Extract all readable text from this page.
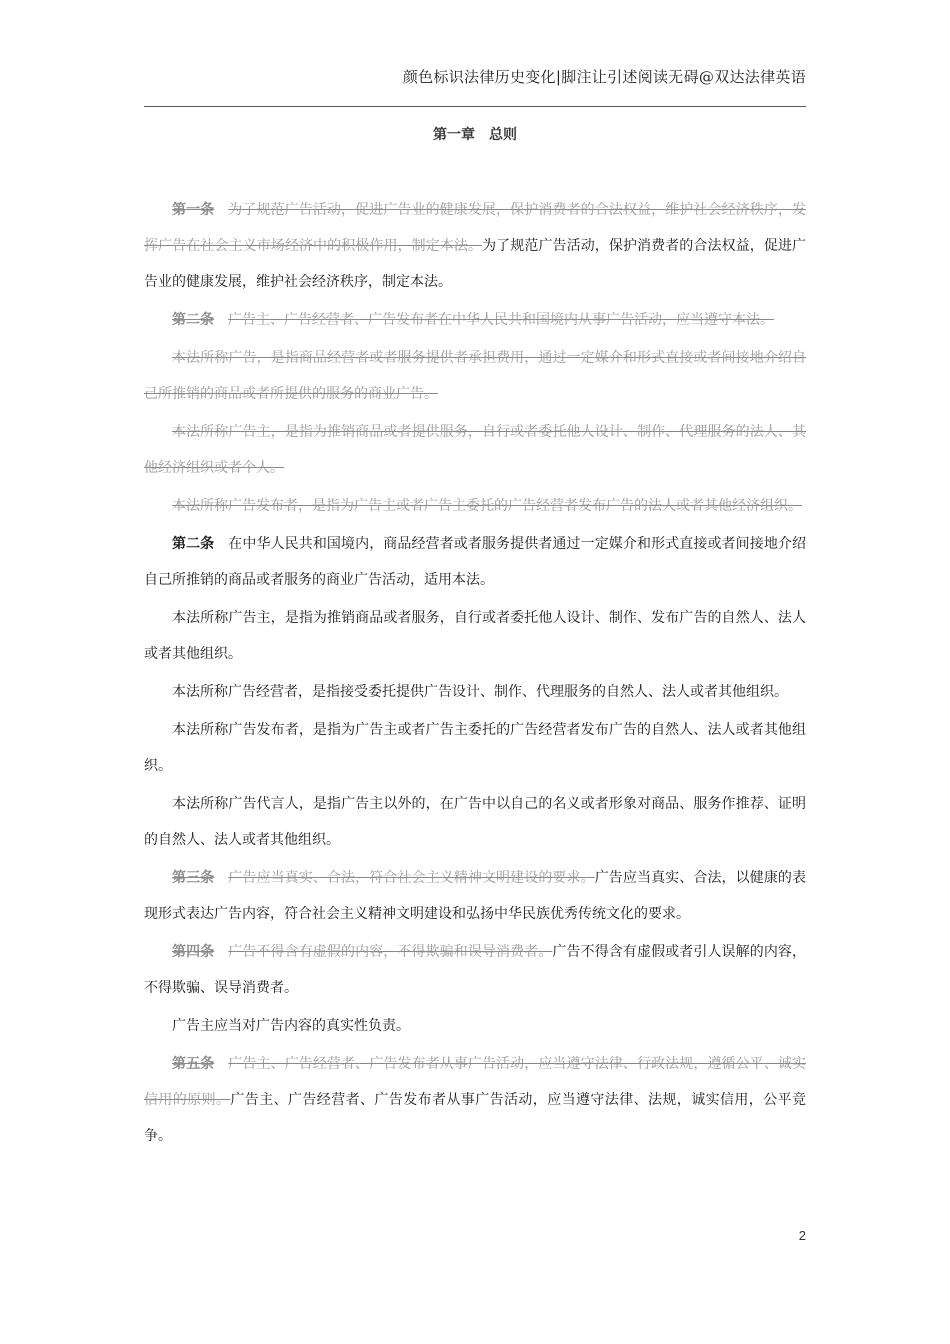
颜色标识法律历史变化|脚注让引述阅读无碍@双达法律英语
第一章　总则

第一条 为了规范广告活动，促进广告业的健康发展，保护消费者的合法权益，维护社会经济秩序，发挥广告在社会主义市场经济中的积极作用，制定本法。为了规范广告活动，保护消费者的合法权益，促进广告业的健康发展，维护社会经济秩序，制定本法。

第二条 广告主、广告经营者、广告发布者在中华人民共和国境内从事广告活动，应当遵守本法。

本法所称广告，是指商品经营者或者服务提供者承担费用，通过一定媒介和形式直接或者间接地介绍自己所推销的商品或者所提供的服务的商业广告。

本法所称广告主，是指为推销商品或者提供服务，自行或者委托他人设计、制作、代理服务的法人、其他经济组织或者个人。

本法所称广告发布者，是指为广告主或者广告主委托的广告经营者发布广告的法人或者其他经济组织。

第二条 在中华人民共和国境内，商品经营者或者服务提供者通过一定媒介和形式直接或者间接地介绍自己所推销的商品或者服务的商业广告活动，适用本法。

本法所称广告主，是指为推销商品或者服务，自行或者委托他人设计、制作、发布广告的自然人、法人或者其他组织。

本法所称广告经营者，是指接受委托提供广告设计、制作、代理服务的自然人、法人或者其他组织。

本法所称广告发布者，是指为广告主或者广告主委托的广告经营者发布广告的自然人、法人或者其他组织。

本法所称广告代言人，是指广告主以外的，在广告中以自己的名义或者形象对商品、服务作推荐、证明的自然人、法人或者其他组织。

第三条 广告应当真实、合法，符合社会主义精神文明建设的要求。广告应当真实、合法，以健康的表现形式表达广告内容，符合社会主义精神文明建设和弘扬中华民族优秀传统文化的要求。

第四条 广告不得含有虚假的内容，不得欺骗和误导消费者。广告不得含有虚假或者引人误解的内容，不得欺骗、误导消费者。

广告主应当对广告内容的真实性负责。

第五条 广告主、广告经营者、广告发布者从事广告活动，应当遵守法律、行政法规，遵循公平、诚实信用的原则。广告主、广告经营者、广告发布者从事广告活动，应当遵守法律、法规，诚实信用，公平竞争。

2
